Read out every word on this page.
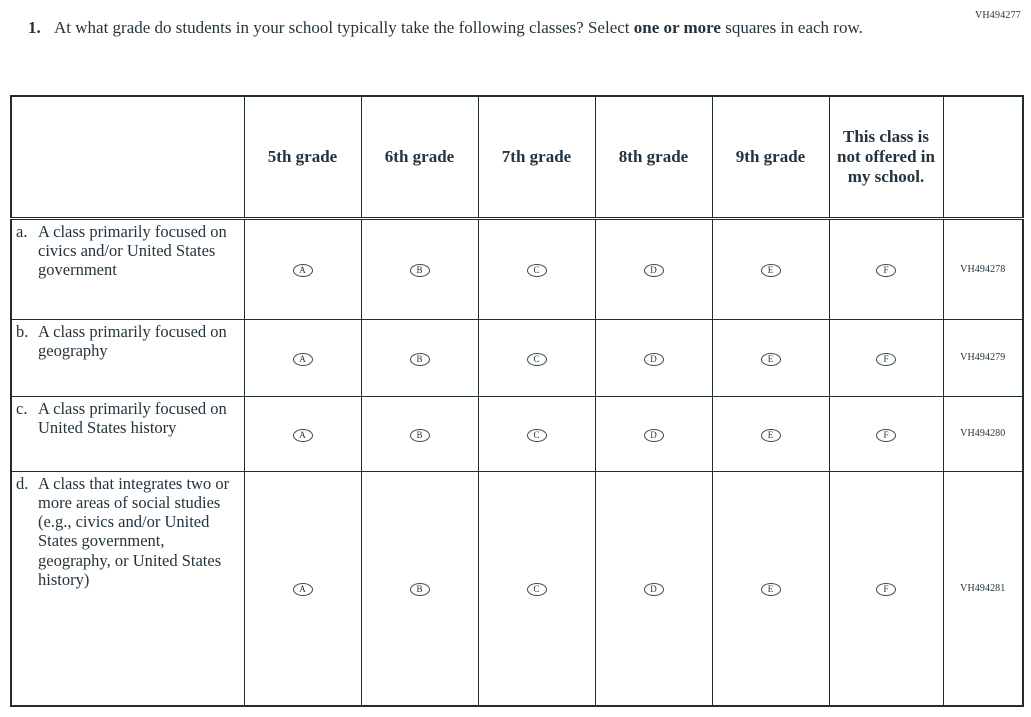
VH494277
1. At what grade do students in your school typically take the following classes? Select one or more squares in each row.
	5th grade	6th grade	7th grade	8th grade	9th grade	This class is not offered in my school.	

a. A class primarily focused on civics and/or United States government	A	B	C	D	E	F	VH494278

b. A class primarily focused on geography	A	B	C	D	E	F	VH494279

c. A class primarily focused on United States history	A	B	C	D	E	F	VH494280

d. A class that integrates two or more areas of social studies (e.g., civics and/or United States government, geography, or United States history)	A	B	C	D	E	F	VH494281
